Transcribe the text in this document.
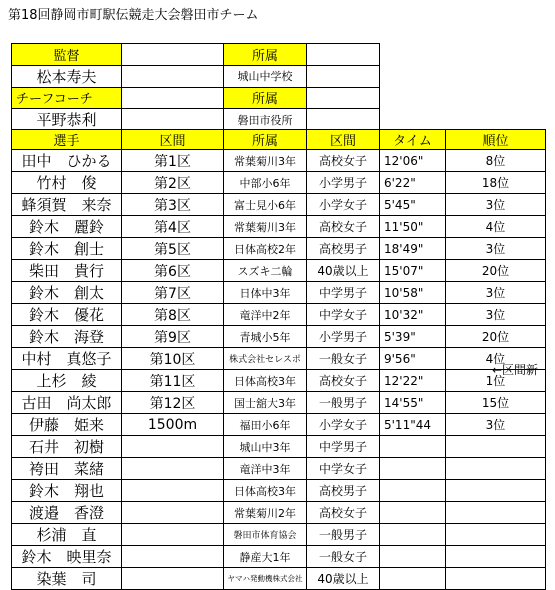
第18回静岡市町駅伝競走大会磐田市チーム
監督		所属	
松本寿夫		城山中学校	
チーフコーチ		所属	
平野恭利		磐田市役所	
選手	区間	所属	区間	タイム	順位
田中　ひかる	第1区	常葉菊川3年	高校女子	12'06"	8位
竹村　俊	第2区	中部小6年	小学男子	6'22"	18位
蜂須賀　来奈	第3区	富士見小6年	小学女子	5'45"	3位
鈴木　麗鈴	第4区	常葉菊川3年	高校女子	11'50"	4位
鈴木　創士	第5区	日体高校2年	高校男子	18'49"	3位
柴田　貴行	第6区	スズキ二輪	40歳以上	15'07"	20位
鈴木　創太	第7区	日体中3年	中学男子	10'58"	3位
鈴木　優花	第8区	竜洋中2年	中学女子	10'32"	3位
鈴木　海登	第9区	青城小5年	小学男子	5'39"	20位
中村　真悠子	第10区	株式会社セレスポ	一般女子	9'56"	4位
上杉　綾	第11区	日体高校3年	高校女子	12'22"	1位
古田　尚太郎	第12区	国士舘大3年	一般男子	14'55"	15位
伊藤　姫来	1500m	福田小6年	小学女子	5'11"44	3位
石井　初樹		城山中3年	中学男子		
袴田　菜緒		竜洋中3年	中学女子		
鈴木　翔也		日体高校3年	高校男子		
渡邉　香澄		常葉菊川2年	高校女子		
杉浦　直		磐田市体育協会	一般男子		
鈴木　映里奈		静産大1年	一般女子		
染葉　司		ヤマハ発動機株式会社	40歳以上		
←区間新
